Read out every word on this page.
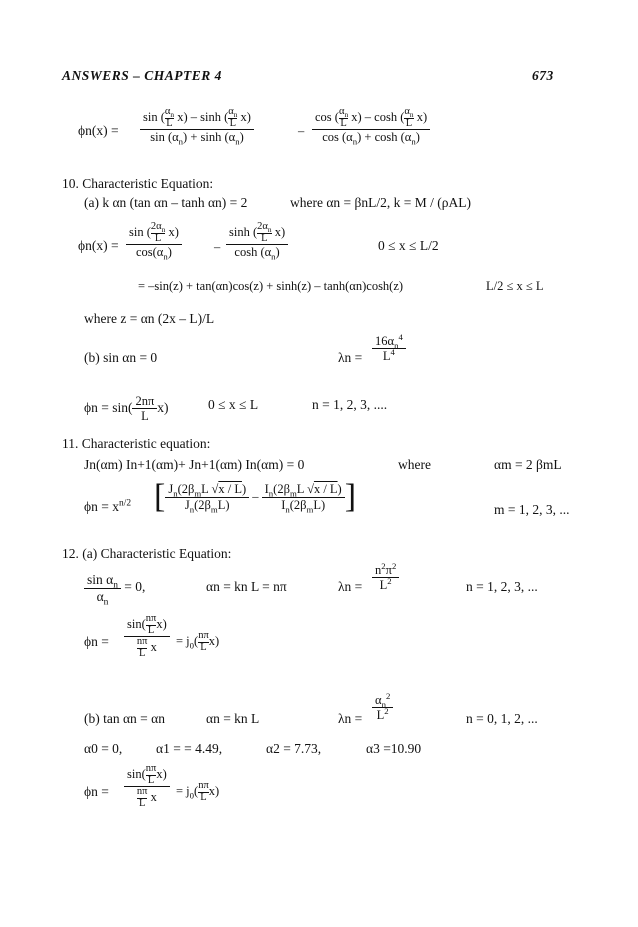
ANSWERS – CHAPTER 4	673
$\phi n(x) = \frac{\sin ( \frac{\alpha_n}{L} x) - \sinh ( \frac{\alpha_n}{L} x)}{\sin (\alpha_n) + \sinh (\alpha_n)}$	– $\frac{\cos ( \frac{\alpha_n}{L} x) - \cosh ( \frac{\alpha_n}{L} x)}{\cos (\alpha_n) + \cosh (\alpha_n)}$
10. Characteristic Equation:
(a) k αn (tan αn – tanh αn) = 2	where αn = βnL/2, k = M / (ρAL)
$\phi n(x) = \frac{\sin ( \frac{2\alpha_n}{L} x)}{\cos(\alpha_n)}$	– $\frac{\sinh ( \frac{2\alpha_n}{L} x)}{\cosh (\alpha_n)}$	0 ≤ x ≤ L/2
= –sin(z) + tan(αn)cos(z) + sinh(z) – tanh(αn)cosh(z)	L/2 ≤ x ≤ L
where z = αn (2x – L)/L
(b) sin αn = 0	$\lambda n = \frac{16\alpha_n^4}{L^4}$
$\phi n = \sin( \frac{2n\pi}{L} x)$	0 ≤ x ≤ L	n = 1, 2, 3, ....
11. Characteristic equation:
Jn(αm) In+1(αm)+ Jn+1(αm) In(αm) = 0	where	αm = 2 βmL
$\phi n = x^{n/2}$ [ $\frac{J_n(2\beta_mL √x / L)}{J_n(2\beta_mL)} - \frac{I_n(2\beta_mL √x / L)}{I_n(2\beta_mL)}$ ]	m = 1, 2, 3, ...
12. (a) Characteristic Equation:
$\frac{\sin \alpha_n}{\alpha_n} = 0$,	αn = kn L = nπ	$\lambda n = \frac{n^2\pi^2}{L^2}$	n = 1, 2, 3, ...
$\phi n = \frac{\sin( \frac{n\pi}{L} x)}{\frac{n\pi}{L} x} = j_0( \frac{n\pi}{L} x)$
(b) tan αn = αn	αn = kn L	$\lambda n = \frac{\alpha_n^2}{L^2}$	n = 0, 1, 2, ...
α0 = 0, α1 = = 4.49,	α2 = 7.73,	α3 =10.90
$\phi n = \frac{\sin( \frac{n\pi}{L} x)}{\frac{n\pi}{L} x} = j_0( \frac{n\pi}{L} x)$
